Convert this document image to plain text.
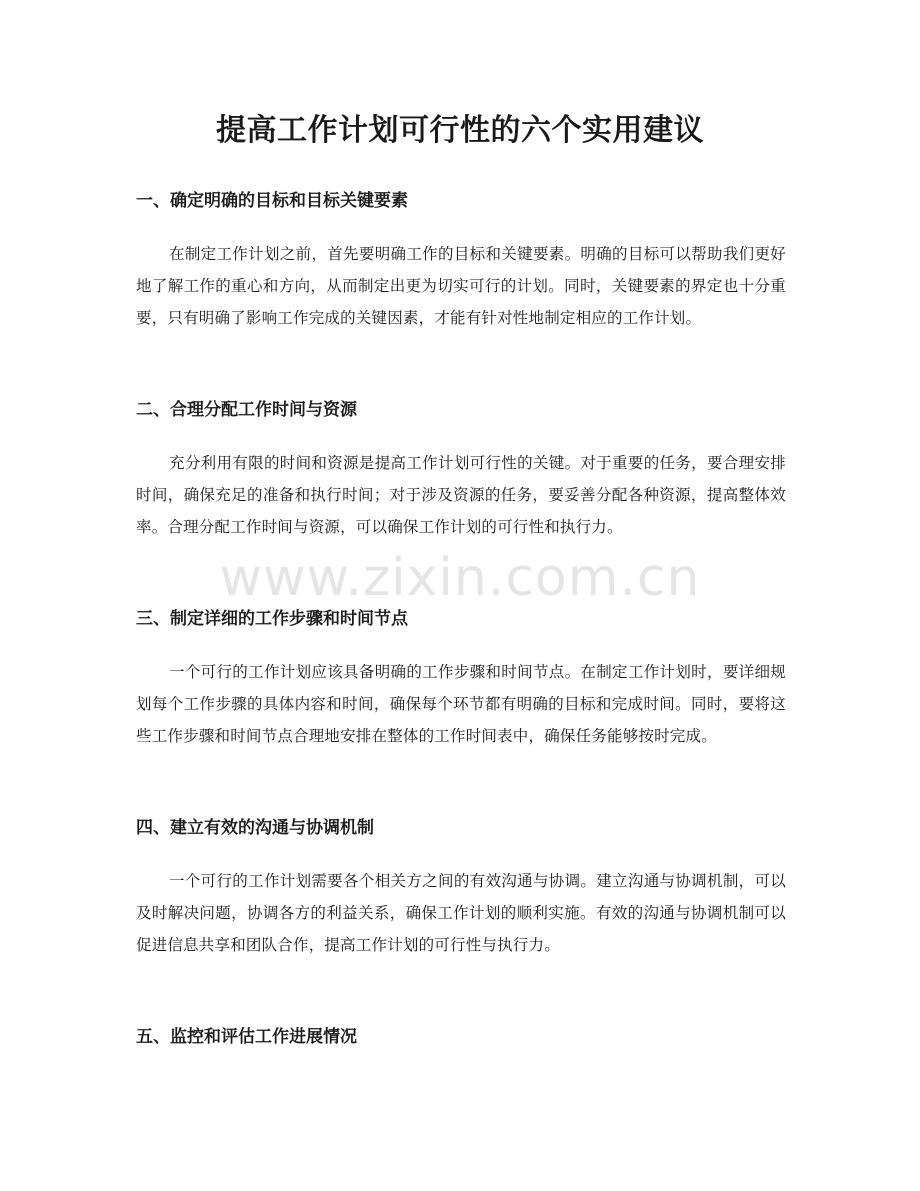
提高工作计划可行性的六个实用建议
一、确定明确的目标和目标关键要素

在制定工作计划之前，首先要明确工作的目标和关键要素。明确的目标可以帮助我们更好地了解工作的重心和方向，从而制定出更为切实可行的计划。同时，关键要素的界定也十分重要，只有明确了影响工作完成的关键因素，才能有针对性地制定相应的工作计划。

二、合理分配工作时间与资源

充分利用有限的时间和资源是提高工作计划可行性的关键。对于重要的任务，要合理安排时间，确保充足的准备和执行时间；对于涉及资源的任务，要妥善分配各种资源，提高整体效率。合理分配工作时间与资源，可以确保工作计划的可行性和执行力。

三、制定详细的工作步骤和时间节点

一个可行的工作计划应该具备明确的工作步骤和时间节点。在制定工作计划时，要详细规划每个工作步骤的具体内容和时间，确保每个环节都有明确的目标和完成时间。同时，要将这些工作步骤和时间节点合理地安排在整体的工作时间表中，确保任务能够按时完成。

四、建立有效的沟通与协调机制

一个可行的工作计划需要各个相关方之间的有效沟通与协调。建立沟通与协调机制，可以及时解决问题，协调各方的利益关系，确保工作计划的顺利实施。有效的沟通与协调机制可以促进信息共享和团队合作，提高工作计划的可行性与执行力。

五、监控和评估工作进展情况
www.zixin.com.cn
